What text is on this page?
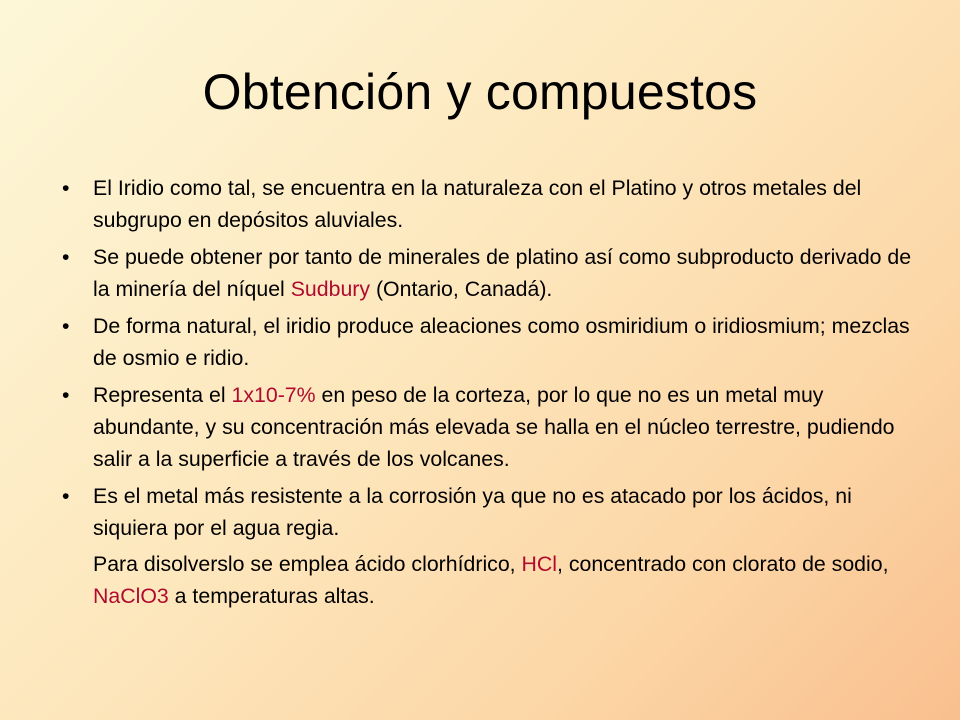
Obtención y compuestos
• El Iridio como tal, se encuentra en la naturaleza con el Platino y otros metales del subgrupo en depósitos aluviales.
• Se puede obtener por tanto de minerales de platino así como subproducto derivado de la minería del níquel Sudbury (Ontario, Canadá).
• De forma natural, el iridio produce aleaciones como osmiridium o iridiosmium; mezclas de osmio e ridio.
• Representa el 1x10-7% en peso de la corteza, por lo que no es un metal muy abundante, y su concentración más elevada se halla en el núcleo terrestre, pudiendo salir a la superficie a través de los volcanes.
• Es el metal más resistente a la corrosión ya que no es atacado por los ácidos, ni siquiera por el agua regia.
Para disolverslo se emplea ácido clorhídrico, HCl, concentrado con clorato de sodio, NaClO3 a temperaturas altas.
